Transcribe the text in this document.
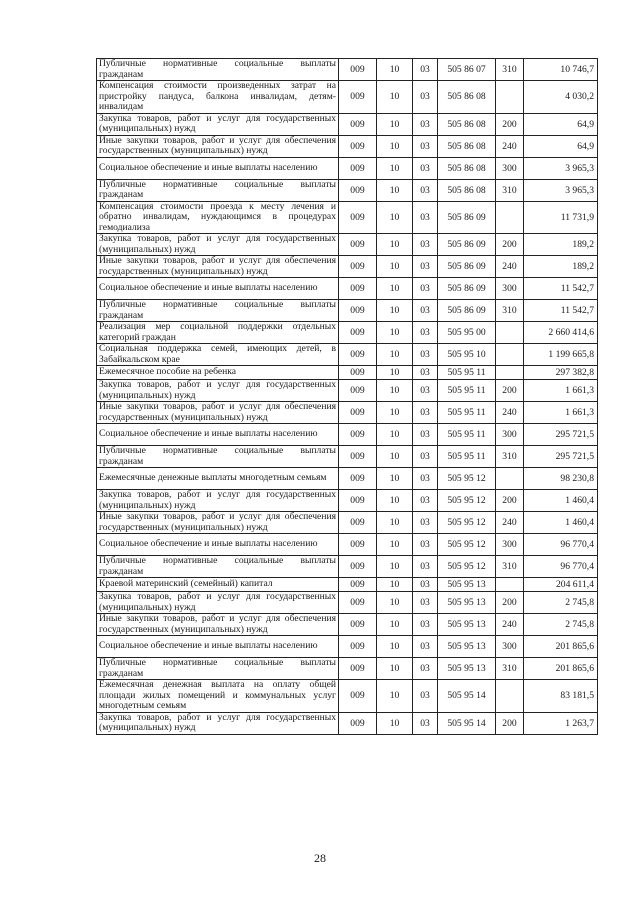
Публичные нормативные социальные выплаты гражданам	009	10	03	505 86 07	310	10 746,7
Компенсация стоимости произведенных затрат на пристройку пандуса, балкона инвалидам, детям-инвалидам	009	10	03	505 86 08		4 030,2
Закупка товаров, работ и услуг для государственных (муниципальных) нужд	009	10	03	505 86 08	200	64,9
Иные закупки товаров, работ и услуг для обеспечения государственных (муниципальных) нужд	009	10	03	505 86 08	240	64,9
Социальное обеспечение и иные выплаты населению	009	10	03	505 86 08	300	3 965,3
Публичные нормативные социальные выплаты гражданам	009	10	03	505 86 08	310	3 965,3
Компенсация стоимости проезда к месту лечения и обратно инвалидам, нуждающимся в процедурах гемодиализа	009	10	03	505 86 09		11 731,9
Закупка товаров, работ и услуг для государственных (муниципальных) нужд	009	10	03	505 86 09	200	189,2
Иные закупки товаров, работ и услуг для обеспечения государственных (муниципальных) нужд	009	10	03	505 86 09	240	189,2
Социальное обеспечение и иные выплаты населению	009	10	03	505 86 09	300	11 542,7
Публичные нормативные социальные выплаты гражданам	009	10	03	505 86 09	310	11 542,7
Реализация мер социальной поддержки отдельных категорий граждан	009	10	03	505 95 00		2 660 414,6
Социальная поддержка семей, имеющих детей, в Забайкальском крае	009	10	03	505 95 10		1 199 665,8
Ежемесячное пособие на ребенка	009	10	03	505 95 11		297 382,8
Закупка товаров, работ и услуг для государственных (муниципальных) нужд	009	10	03	505 95 11	200	1 661,3
Иные закупки товаров, работ и услуг для обеспечения государственных (муниципальных) нужд	009	10	03	505 95 11	240	1 661,3
Социальное обеспечение и иные выплаты населению	009	10	03	505 95 11	300	295 721,5
Публичные нормативные социальные выплаты гражданам	009	10	03	505 95 11	310	295 721,5
Ежемесячные денежные выплаты многодетным семьям	009	10	03	505 95 12		98 230,8
Закупка товаров, работ и услуг для государственных (муниципальных) нужд	009	10	03	505 95 12	200	1 460,4
Иные закупки товаров, работ и услуг для обеспечения государственных (муниципальных) нужд	009	10	03	505 95 12	240	1 460,4
Социальное обеспечение и иные выплаты населению	009	10	03	505 95 12	300	96 770,4
Публичные нормативные социальные выплаты гражданам	009	10	03	505 95 12	310	96 770,4
Краевой материнский (семейный) капитал	009	10	03	505 95 13		204 611,4
Закупка товаров, работ и услуг для государственных (муниципальных) нужд	009	10	03	505 95 13	200	2 745,8
Иные закупки товаров, работ и услуг для обеспечения государственных (муниципальных) нужд	009	10	03	505 95 13	240	2 745,8
Социальное обеспечение и иные выплаты населению	009	10	03	505 95 13	300	201 865,6
Публичные нормативные социальные выплаты гражданам	009	10	03	505 95 13	310	201 865,6
Ежемесячная денежная выплата на оплату общей площади жилых помещений и коммунальных услуг многодетным семьям	009	10	03	505 95 14		83 181,5
Закупка товаров, работ и услуг для государственных (муниципальных) нужд	009	10	03	505 95 14	200	1 263,7
28
